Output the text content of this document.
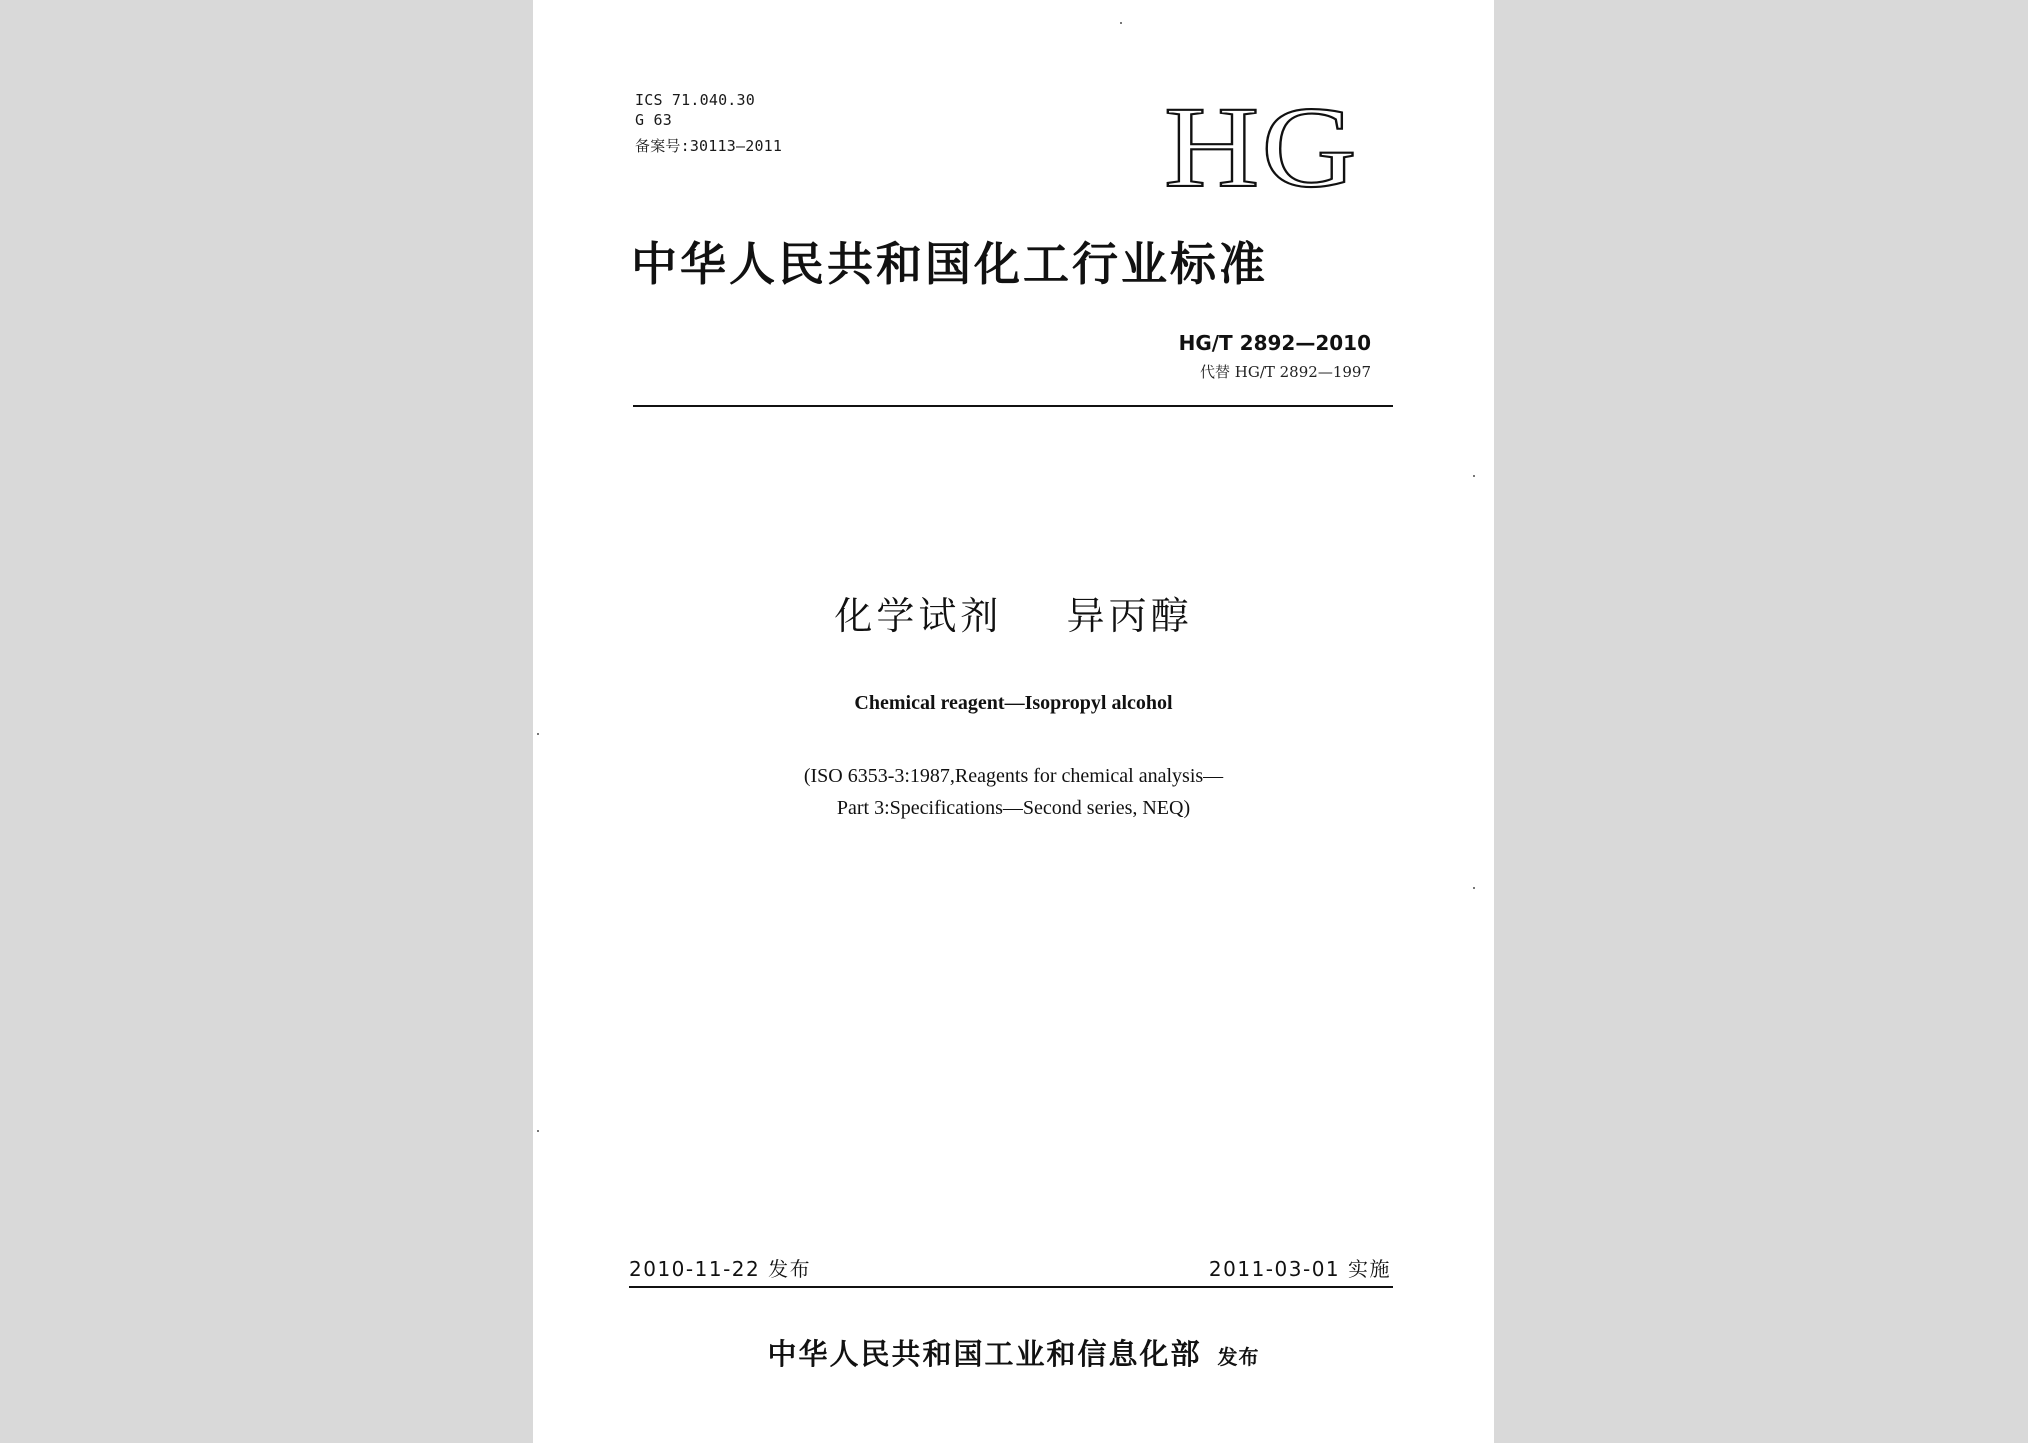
ICS 71.040.30
G 63
备案号:30113—2011	HG
中华人民共和国化工行业标准
HG/T 2892—2010
代替 HG/T 2892—1997
化学试剂    异丙醇
Chemical reagent—Isopropyl alcohol
(ISO 6353-3:1987,Reagents for chemical analysis—
Part 3:Specifications—Second series, NEQ)
2010-11-22 发布	2011-03-01 实施
中华人民共和国工业和信息化部 发布
